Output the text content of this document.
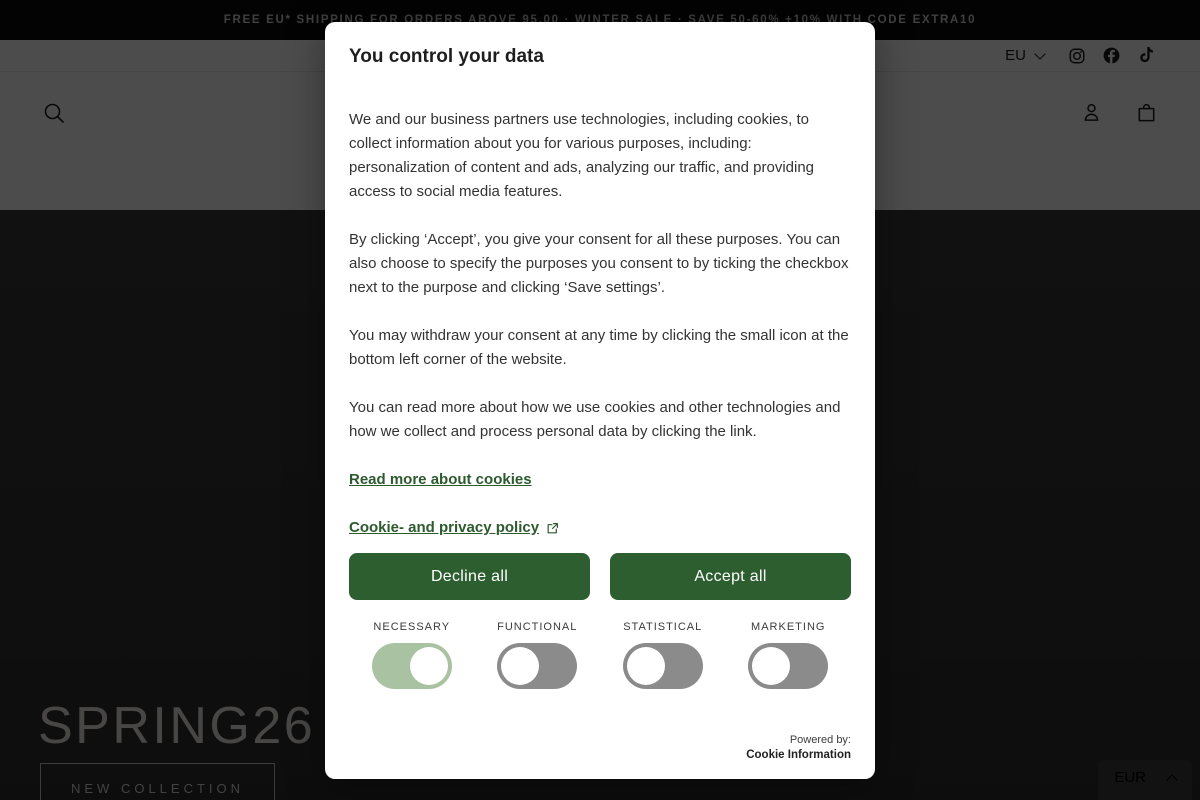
You control your data

We and our business partners use technologies, including cookies, to collect information about you for various purposes, including: personalization of content and ads, analyzing our traffic, and providing access to social media features.

By clicking ‘Accept’, you give your consent for all these purposes. You can also choose to specify the purposes you consent to by ticking the checkbox next to the purpose and clicking ‘Save settings’.

You may withdraw your consent at any time by clicking the small icon at the bottom left corner of the website.

You can read more about how we use cookies and other technologies and how we collect and process personal data by clicking the link.

Read more about cookies
Cookie- and privacy policy
Decline all	Accept all
NECESSARY	FUNCTIONAL	STATISTICAL	MARKETING
Powered by:
Cookie Information
